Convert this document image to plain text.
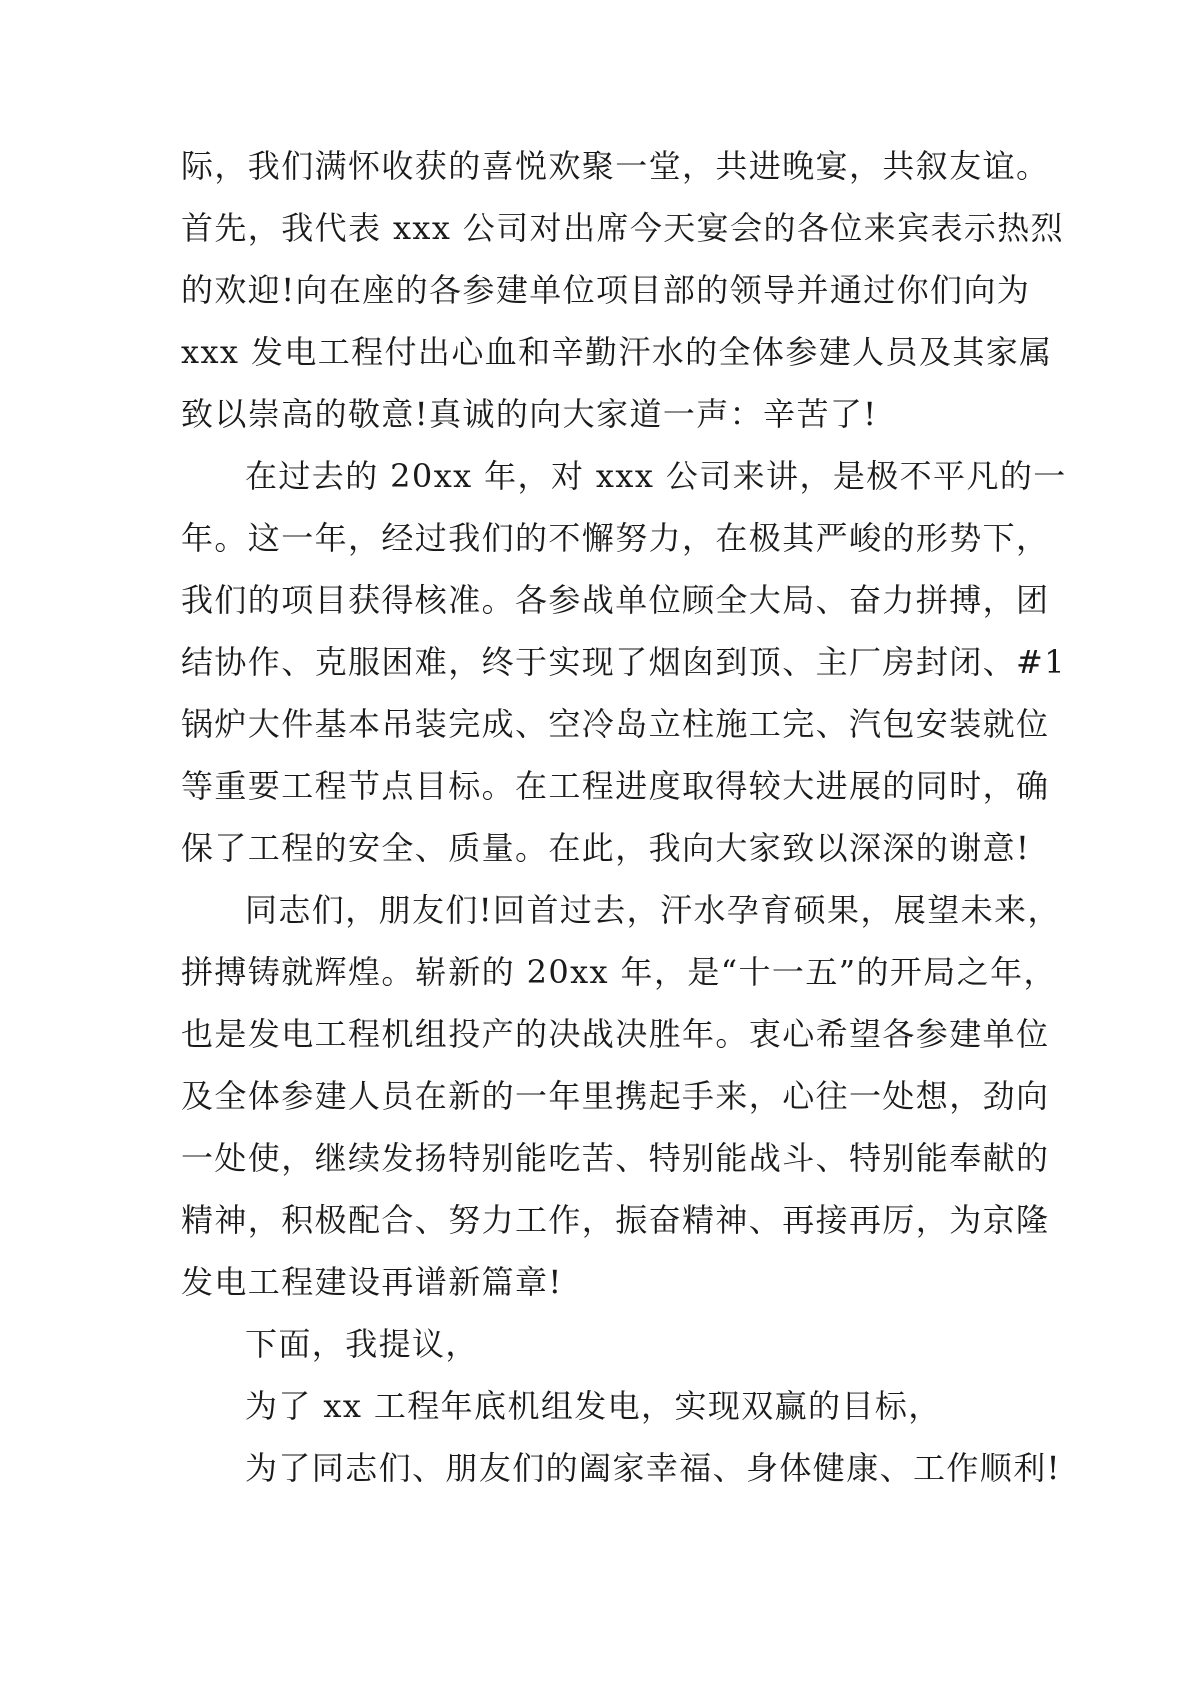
际，我们满怀收获的喜悦欢聚一堂，共进晚宴，共叙友谊。
首先，我代表 xxx 公司对出席今天宴会的各位来宾表示热烈
的欢迎!向在座的各参建单位项目部的领导并通过你们向为
xxx 发电工程付出心血和辛勤汗水的全体参建人员及其家属
致以崇高的敬意!真诚的向大家道一声：辛苦了!
在过去的 20xx 年，对 xxx 公司来讲，是极不平凡的一
年。这一年，经过我们的不懈努力，在极其严峻的形势下，
我们的项目获得核准。各参战单位顾全大局、奋力拼搏，团
结协作、克服困难，终于实现了烟囱到顶、主厂房封闭、#1
锅炉大件基本吊装完成、空冷岛立柱施工完、汽包安装就位
等重要工程节点目标。在工程进度取得较大进展的同时，确
保了工程的安全、质量。在此，我向大家致以深深的谢意!
同志们，朋友们!回首过去，汗水孕育硕果，展望未来，
拼搏铸就辉煌。崭新的 20xx 年，是“十一五”的开局之年，
也是发电工程机组投产的决战决胜年。衷心希望各参建单位
及全体参建人员在新的一年里携起手来，心往一处想，劲向
一处使，继续发扬特别能吃苦、特别能战斗、特别能奉献的
精神，积极配合、努力工作，振奋精神、再接再厉，为京隆
发电工程建设再谱新篇章!
下面，我提议，
为了 xx 工程年底机组发电，实现双赢的目标，
为了同志们、朋友们的阖家幸福、身体健康、工作顺利!
